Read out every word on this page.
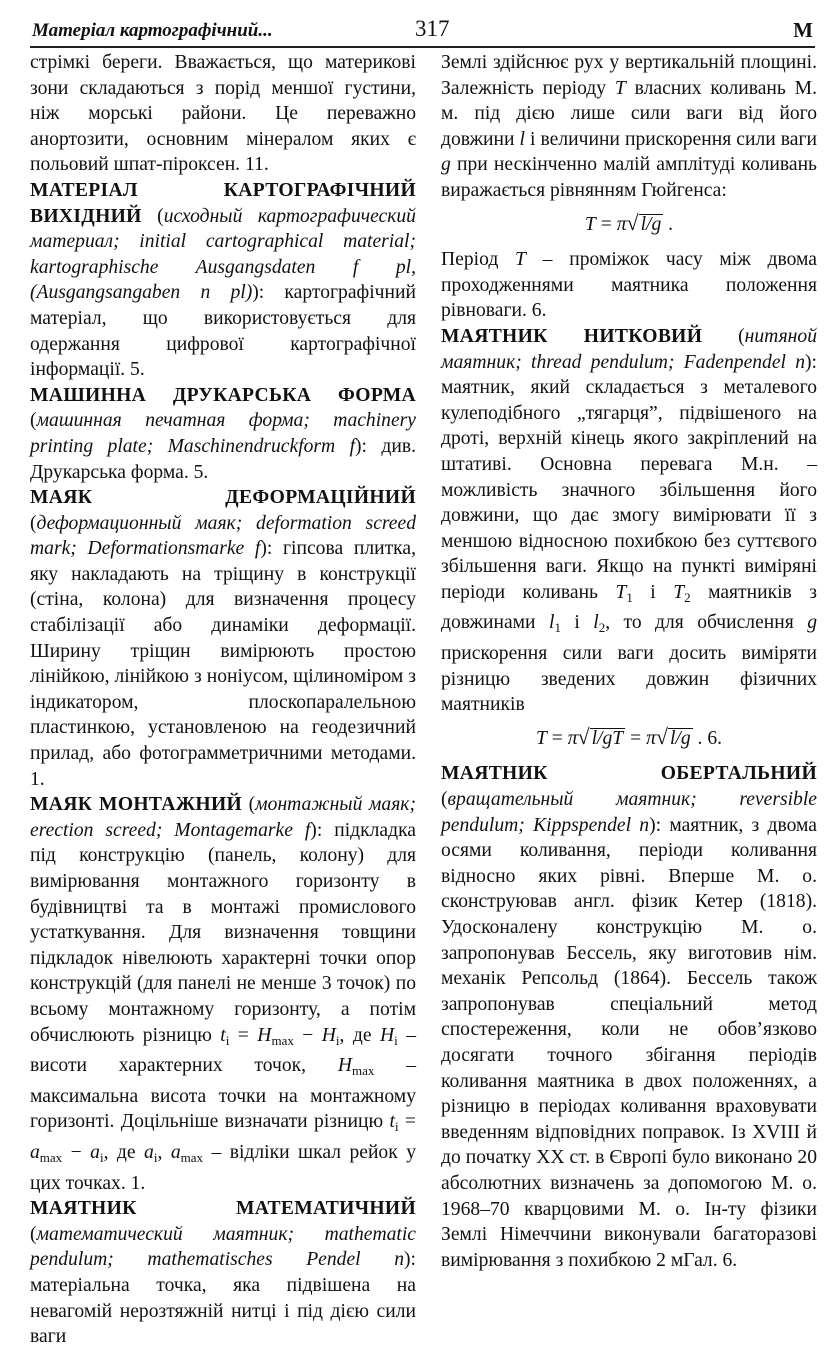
Матеріал картографічний...	317	М
стрімкі береги. Вважається, що материкові зони складаються з порід меншої густини, ніж морські райони. Це переважно анортозити, основним мінералом яких є польовий шпат-піроксен. 11.
МАТЕРІАЛ КАРТОГРАФІЧНИЙ ВИХІДНИЙ (исходный картографический материал; initial cartographical material; kartographische Ausgangsdaten f pl, (Ausgangsangaben n pl)): картографічний матеріал, що використовується для одержання цифрової картографічної інформації. 5.
МАШИННА ДРУКАРСЬКА ФОРМА (машинная печатная форма; machinery printing plate; Maschinendruckform f): див. Друкарська форма. 5.
МАЯК ДЕФОРМАЦІЙНИЙ (деформационный маяк; deformation screed mark; Deformationsmarke f): гіпсова плитка, яку накладають на тріщину в конструкції (стіна, колона) для визначення процесу стабілізації або динаміки деформації. Ширину тріщин вимірюють простою лінійкою, лінійкою з ноніусом, щілиноміром з індикатором, плоскопаралельною пластинкою, установленою на геодезичний прилад, або фотограмметричними методами. 1.
МАЯК МОНТАЖНИЙ (монтажный маяк; erection screed; Montagemarke f): підкладка під конструкцію (панель, колону) для вимірювання монтажного горизонту в будівництві та в монтажі промислового устаткування. Для визначення товщини підкладок нівелюють характерні точки опор конструкцій (для панелі не менше 3 точок) по всьому монтажному горизонту, а потім обчислюють різницю $t_i = H_{max} - H_i$, де $H_i$ – висоти характерних точок, $H_{max}$ – максимальна висота точки на монтажному горизонті. Доцільніше визначати різницю $t_i = a_{max} - a_i$, де $a_i$, $a_{max}$ – відліки шкал рейок у цих точках. 1.
МАЯТНИК МАТЕМАТИЧНИЙ (математический маятник; mathematic pendulum; mathematisches Pendel n): матеріальна точка, яка підвішена на невагомій нерозтяжній нитці і під дією сили ваги
Землі здійснює рух у вертикальній площині. Залежність періоду T власних коливань М. м. під дією лише сили ваги від його довжини l і величини прискорення сили ваги g при нескінченно малій амплітуді коливань виражається рівнянням Гюйгенса:
T = π√ l/g .
Період T – проміжок часу між двома проходженнями маятника положення рівноваги. 6.
МАЯТНИК НИТКОВИЙ (нитяной маятник; thread pendulum; Fadenpendel n): маятник, який складається з металевого кулеподібного „тягарця”, підвішеного на дроті, верхній кінець якого закріплений на штативі. Основна перевага М.н. – можливість значного збільшення його довжини, що дає змогу вимірювати її з меншою відносною похибкою без суттєвого збільшення ваги. Якщо на пункті виміряні періоди коливань $T_1$ і $T_2$ маятників з довжинами $l_1$ і $l_2$, то для обчислення g прискорення сили ваги досить виміряти різницю зведених довжин фізичних маятників
T = π√ l/gT = π√ l/g . 6.
МАЯТНИК ОБЕРТАЛЬНИЙ (вращательный маятник; reversible pendulum; Kippspendel n): маятник, з двома осями коливання, періоди коливання відносно яких рівні. Вперше М. о. сконструював англ. фізик Кетер (1818). Удосконалену конструкцію М. о. запропонував Бессель, яку виготовив нім. механік Репсольд (1864). Бессель також запропонував спеціальний метод спостереження, коли не обов’язково досягати точного збігання періодів коливання маятника в двох положеннях, а різницю в періодах коливання враховувати введенням відповідних поправок. Із XVIII й до початку XX ст. в Європі було виконано 20 абсолютних визначень за допомогою М. о. 1968–70 кварцовими М. о. Ін-ту фізики Землі Німеччини виконували багаторазові вимірювання з похибкою 2 мГал. 6.
